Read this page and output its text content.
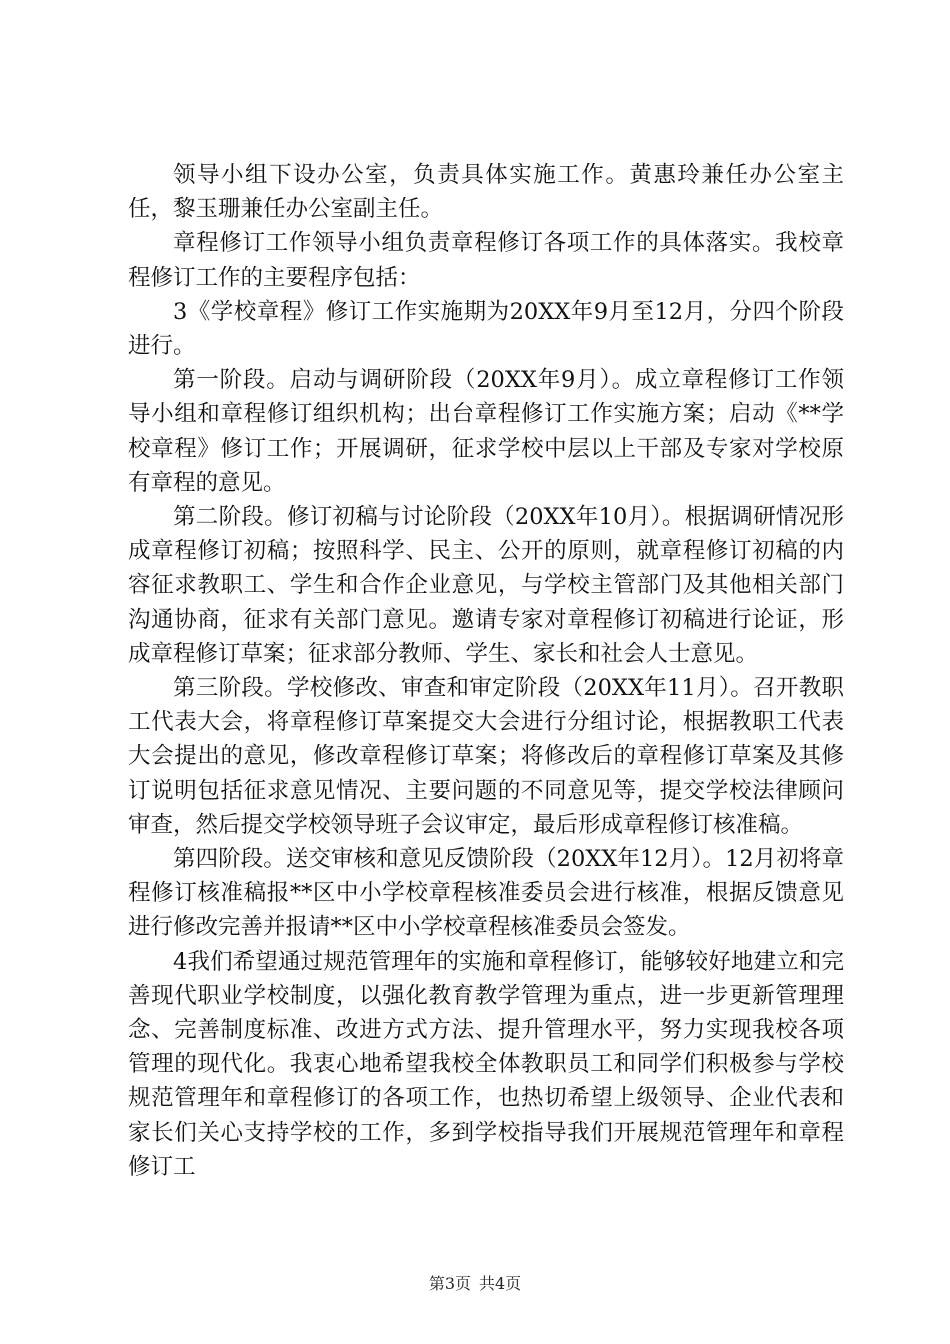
领导小组下设办公室，负责具体实施工作。黄惠玲兼任办公室主任，黎玉珊兼任办公室副主任。

章程修订工作领导小组负责章程修订各项工作的具体落实。我校章程修订工作的主要程序包括：

3《学校章程》修订工作实施期为20XX年9月至12月，分四个阶段进行。

第一阶段。启动与调研阶段（20XX年9月）。成立章程修订工作领导小组和章程修订组织机构；出台章程修订工作实施方案；启动《**学校章程》修订工作；开展调研，征求学校中层以上干部及专家对学校原有章程的意见。

第二阶段。修订初稿与讨论阶段（20XX年10月）。根据调研情况形成章程修订初稿；按照科学、民主、公开的原则，就章程修订初稿的内容征求教职工、学生和合作企业意见，与学校主管部门及其他相关部门沟通协商，征求有关部门意见。邀请专家对章程修订初稿进行论证，形成章程修订草案；征求部分教师、学生、家长和社会人士意见。

第三阶段。学校修改、审查和审定阶段（20XX年11月）。召开教职工代表大会，将章程修订草案提交大会进行分组讨论，根据教职工代表大会提出的意见，修改章程修订草案；将修改后的章程修订草案及其修订说明包括征求意见情况、主要问题的不同意见等，提交学校法律顾问审查，然后提交学校领导班子会议审定，最后形成章程修订核准稿。

第四阶段。送交审核和意见反馈阶段（20XX年12月）。12月初将章程修订核准稿报**区中小学校章程核准委员会进行核准，根据反馈意见进行修改完善并报请**区中小学校章程核准委员会签发。

4我们希望通过规范管理年的实施和章程修订，能够较好地建立和完善现代职业学校制度，以强化教育教学管理为重点，进一步更新管理理念、完善制度标准、改进方式方法、提升管理水平，努力实现我校各项管理的现代化。我衷心地希望我校全体教职员工和同学们积极参与学校规范管理年和章程修订的各项工作，也热切希望上级领导、企业代表和家长们关心支持学校的工作，多到学校指导我们开展规范管理年和章程修订工

第3页 共4页
